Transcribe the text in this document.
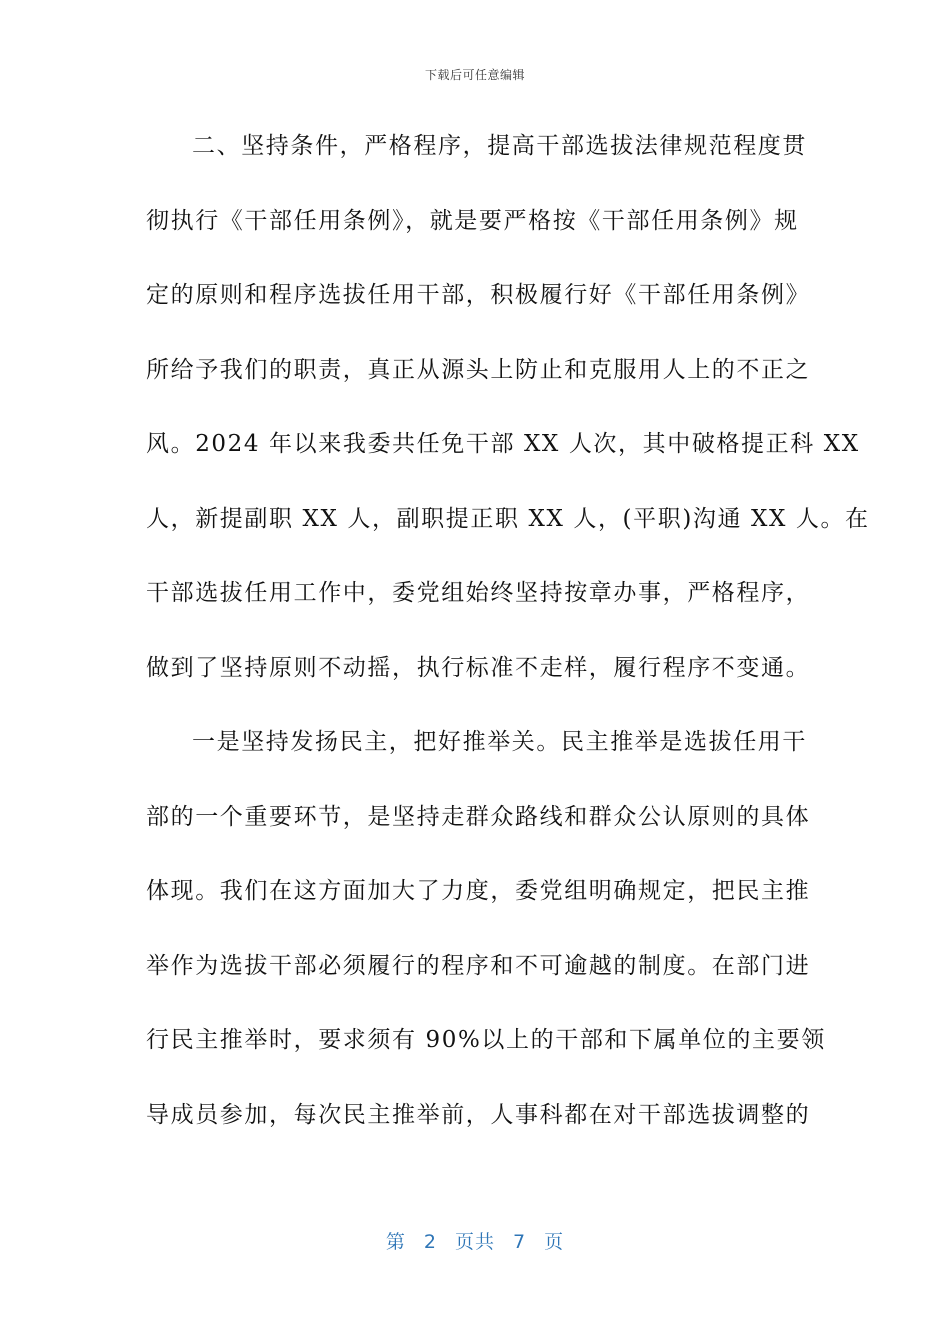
下载后可任意编辑
二、坚持条件，严格程序，提高干部选拔法律规范程度贯
彻执行《干部任用条例》，就是要严格按《干部任用条例》规
定的原则和程序选拔任用干部，积极履行好《干部任用条例》
所给予我们的职责，真正从源头上防止和克服用人上的不正之
风。2024 年以来我委共任免干部 XX 人次，其中破格提正科 XX
人，新提副职 XX 人，副职提正职 XX 人，(平职)沟通 XX 人。在
干部选拔任用工作中，委党组始终坚持按章办事，严格程序，
做到了坚持原则不动摇，执行标准不走样，履行程序不变通。
一是坚持发扬民主，把好推举关。民主推举是选拔任用干
部的一个重要环节，是坚持走群众路线和群众公认原则的具体
体现。我们在这方面加大了力度，委党组明确规定，把民主推
举作为选拔干部必须履行的程序和不可逾越的制度。在部门进
行民主推举时，要求须有 90%以上的干部和下属单位的主要领
导成员参加，每次民主推举前，人事科都在对干部选拔调整的
第 2 页共 7 页
